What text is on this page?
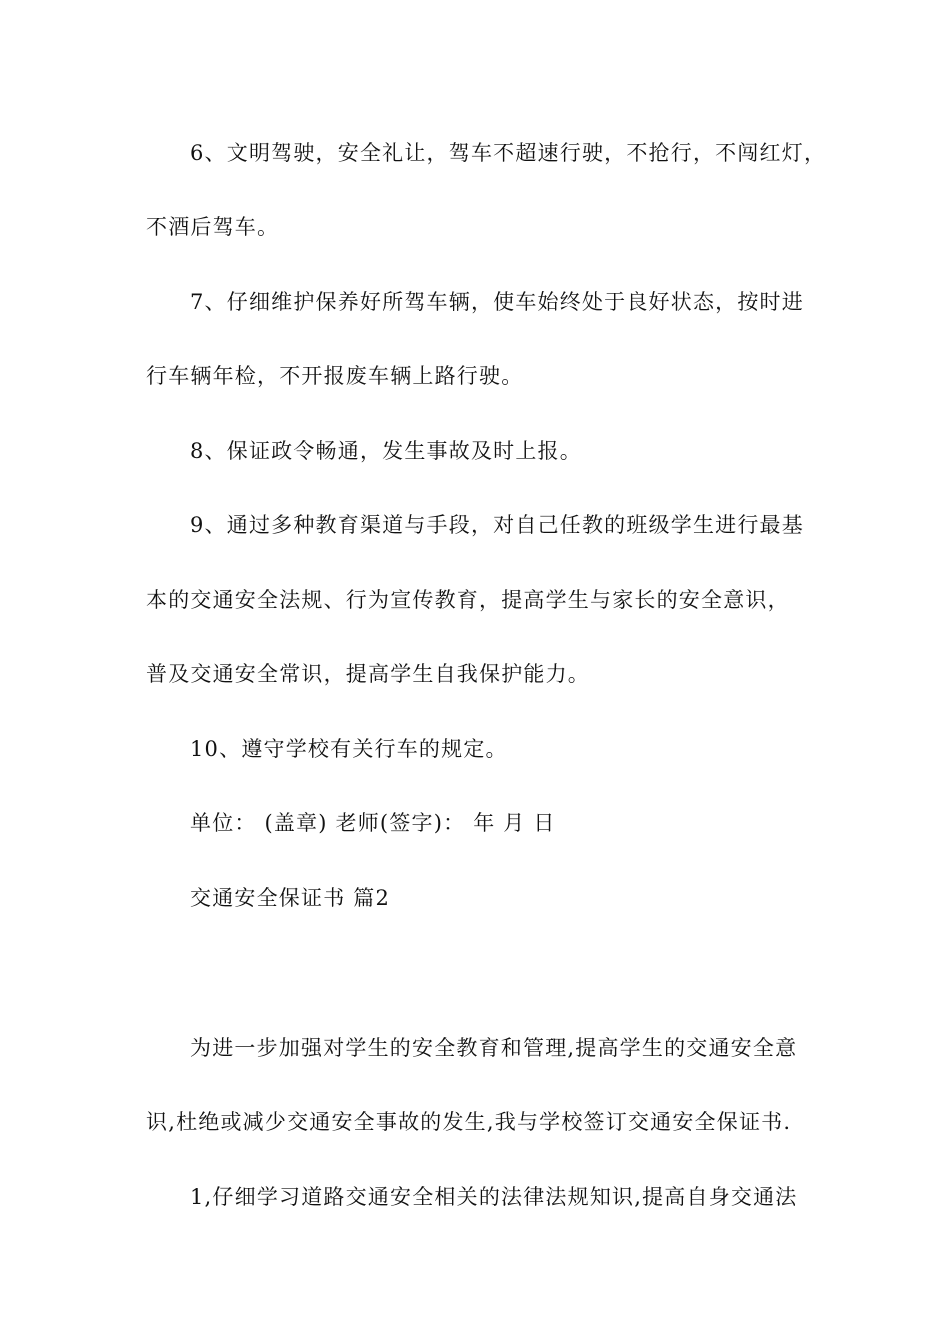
6、文明驾驶，安全礼让，驾车不超速行驶，不抢行，不闯红灯，
不酒后驾车。
7、仔细维护保养好所驾车辆，使车始终处于良好状态，按时进
行车辆年检，不开报废车辆上路行驶。
8、保证政令畅通，发生事故及时上报。
9、通过多种教育渠道与手段，对自己任教的班级学生进行最基
本的交通安全法规、行为宣传教育，提高学生与家长的安全意识，
普及交通安全常识，提高学生自我保护能力。
10、遵守学校有关行车的规定。
单位： (盖章) 老师(签字)： 年 月 日
交通安全保证书 篇2
为进一步加强对学生的安全教育和管理,提高学生的交通安全意
识,杜绝或减少交通安全事故的发生,我与学校签订交通安全保证书.
1,仔细学习道路交通安全相关的法律法规知识,提高自身交通法
